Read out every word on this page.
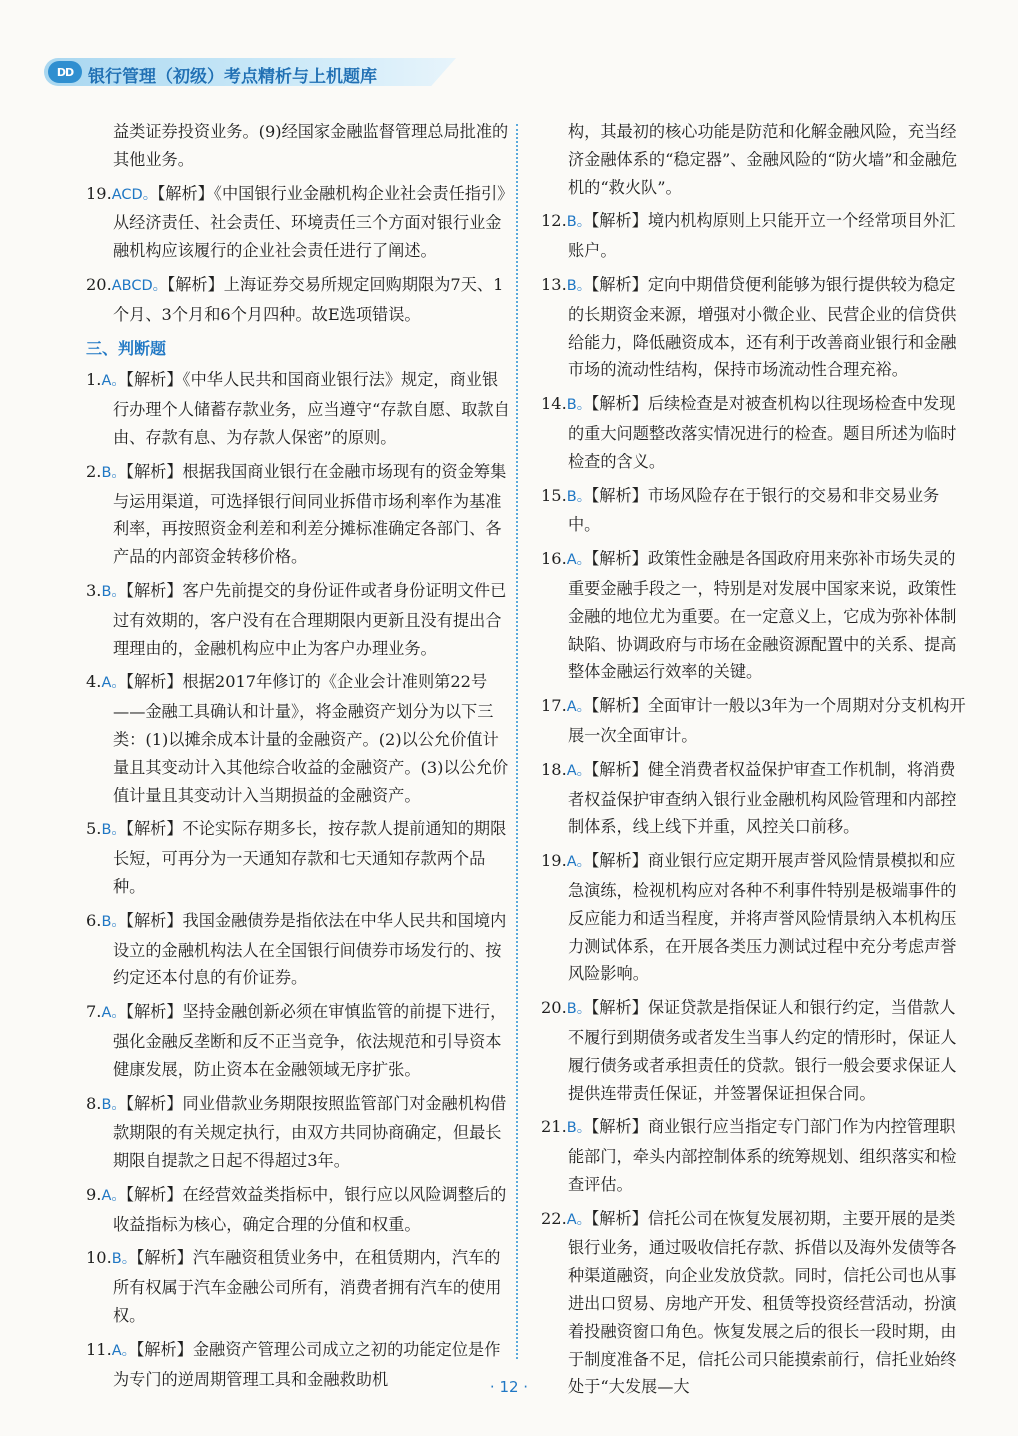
DD 银行管理（初级）考点精析与上机题库
益类证券投资业务。(9)经国家金融监督管理总局批准的其他业务。
19.ACD。【解析】《中国银行业金融机构企业社会责任指引》从经济责任、社会责任、环境责任三个方面对银行业金融机构应该履行的企业社会责任进行了阐述。
20.ABCD。【解析】上海证券交易所规定回购期限为7天、1个月、3个月和6个月四种。故E选项错误。
三、判断题
1.A。【解析】《中华人民共和国商业银行法》规定，商业银行办理个人储蓄存款业务，应当遵守“存款自愿、取款自由、存款有息、为存款人保密”的原则。
2.B。【解析】根据我国商业银行在金融市场现有的资金筹集与运用渠道，可选择银行间同业拆借市场利率作为基准利率，再按照资金利差和利差分摊标准确定各部门、各产品的内部资金转移价格。
3.B。【解析】客户先前提交的身份证件或者身份证明文件已过有效期的，客户没有在合理期限内更新且没有提出合理理由的，金融机构应中止为客户办理业务。
4.A。【解析】根据2017年修订的《企业会计准则第22号——金融工具确认和计量》，将金融资产划分为以下三类：(1)以摊余成本计量的金融资产。(2)以公允价值计量且其变动计入其他综合收益的金融资产。(3)以公允价值计量且其变动计入当期损益的金融资产。
5.B。【解析】不论实际存期多长，按存款人提前通知的期限长短，可再分为一天通知存款和七天通知存款两个品种。
6.B。【解析】我国金融债券是指依法在中华人民共和国境内设立的金融机构法人在全国银行间债券市场发行的、按约定还本付息的有价证券。
7.A。【解析】坚持金融创新必须在审慎监管的前提下进行，强化金融反垄断和反不正当竞争，依法规范和引导资本健康发展，防止资本在金融领域无序扩张。
8.B。【解析】同业借款业务期限按照监管部门对金融机构借款期限的有关规定执行，由双方共同协商确定，但最长期限自提款之日起不得超过3年。
9.A。【解析】在经营效益类指标中，银行应以风险调整后的收益指标为核心，确定合理的分值和权重。
10.B。【解析】汽车融资租赁业务中，在租赁期内，汽车的所有权属于汽车金融公司所有，消费者拥有汽车的使用权。
11.A。【解析】金融资产管理公司成立之初的功能定位是作为专门的逆周期管理工具和金融救助机
构，其最初的核心功能是防范和化解金融风险，充当经济金融体系的“稳定器”、金融风险的“防火墙”和金融危机的“救火队”。
12.B。【解析】境内机构原则上只能开立一个经常项目外汇账户。
13.B。【解析】定向中期借贷便利能够为银行提供较为稳定的长期资金来源，增强对小微企业、民营企业的信贷供给能力，降低融资成本，还有利于改善商业银行和金融市场的流动性结构，保持市场流动性合理充裕。
14.B。【解析】后续检查是对被查机构以往现场检查中发现的重大问题整改落实情况进行的检查。题目所述为临时检查的含义。
15.B。【解析】市场风险存在于银行的交易和非交易业务中。
16.A。【解析】政策性金融是各国政府用来弥补市场失灵的重要金融手段之一，特别是对发展中国家来说，政策性金融的地位尤为重要。在一定意义上，它成为弥补体制缺陷、协调政府与市场在金融资源配置中的关系、提高整体金融运行效率的关键。
17.A。【解析】全面审计一般以3年为一个周期对分支机构开展一次全面审计。
18.A。【解析】健全消费者权益保护审查工作机制，将消费者权益保护审查纳入银行业金融机构风险管理和内部控制体系，线上线下并重，风控关口前移。
19.A。【解析】商业银行应定期开展声誉风险情景模拟和应急演练，检视机构应对各种不利事件特别是极端事件的反应能力和适当程度，并将声誉风险情景纳入本机构压力测试体系，在开展各类压力测试过程中充分考虑声誉风险影响。
20.B。【解析】保证贷款是指保证人和银行约定，当借款人不履行到期债务或者发生当事人约定的情形时，保证人履行债务或者承担责任的贷款。银行一般会要求保证人提供连带责任保证，并签署保证担保合同。
21.B。【解析】商业银行应当指定专门部门作为内控管理职能部门，牵头内部控制体系的统筹规划、组织落实和检查评估。
22.A。【解析】信托公司在恢复发展初期，主要开展的是类银行业务，通过吸收信托存款、拆借以及海外发债等各种渠道融资，向企业发放贷款。同时，信托公司也从事进出口贸易、房地产开发、租赁等投资经营活动，扮演着投融资窗口角色。恢复发展之后的很长一段时期，由于制度准备不足，信托公司只能摸索前行，信托业始终处于“大发展—大
· 12 ·
